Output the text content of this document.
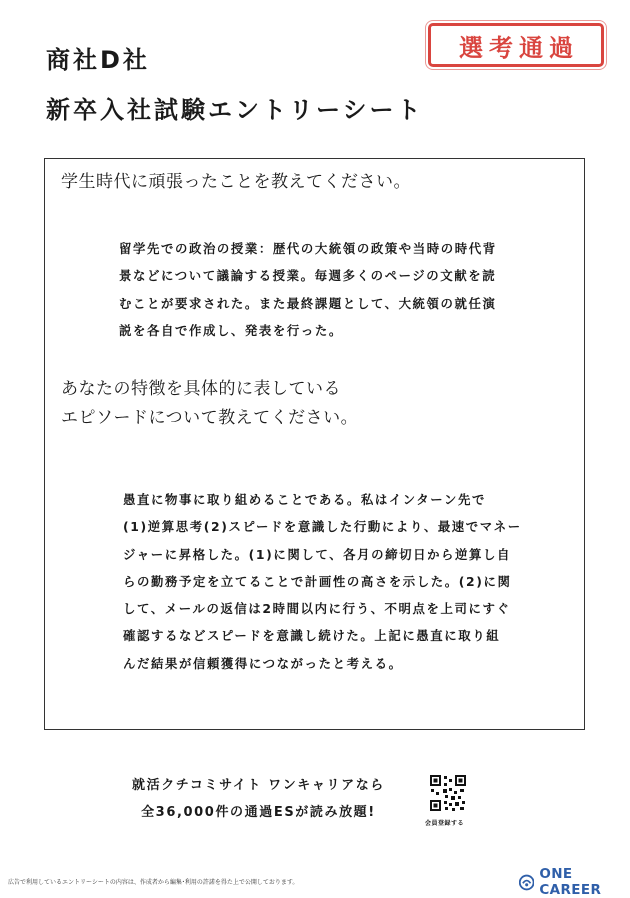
商社D社
新卒入社試験エントリーシート
選考通過
学生時代に頑張ったことを教えてください。
留学先での政治の授業：歴代の大統領の政策や当時の時代背
景などについて議論する授業。毎週多くのページの文献を読
むことが要求された。また最終課題として、大統領の就任演
説を各自で作成し、発表を行った。
あなたの特徴を具体的に表している
エピソードについて教えてください。
愚直に物事に取り組めることである。私はインターン先で
(1)逆算思考(2)スピードを意識した行動により、最速でマネー
ジャーに昇格した。(1)に関して、各月の締切日から逆算し自
らの勤務予定を立てることで計画性の高さを示した。(2)に関
して、メールの返信は2時間以内に行う、不明点を上司にすぐ
確認するなどスピードを意識し続けた。上記に愚直に取り組
んだ結果が信頼獲得につながったと考える。
就活クチコミサイト ワンキャリアなら
全36,000件の通過ESが読み放題!
会員登録する
広告で利用しているエントリーシートの内容は、作成者から編集･利用の許諾を得た上で公開しております。
ONE CAREER
